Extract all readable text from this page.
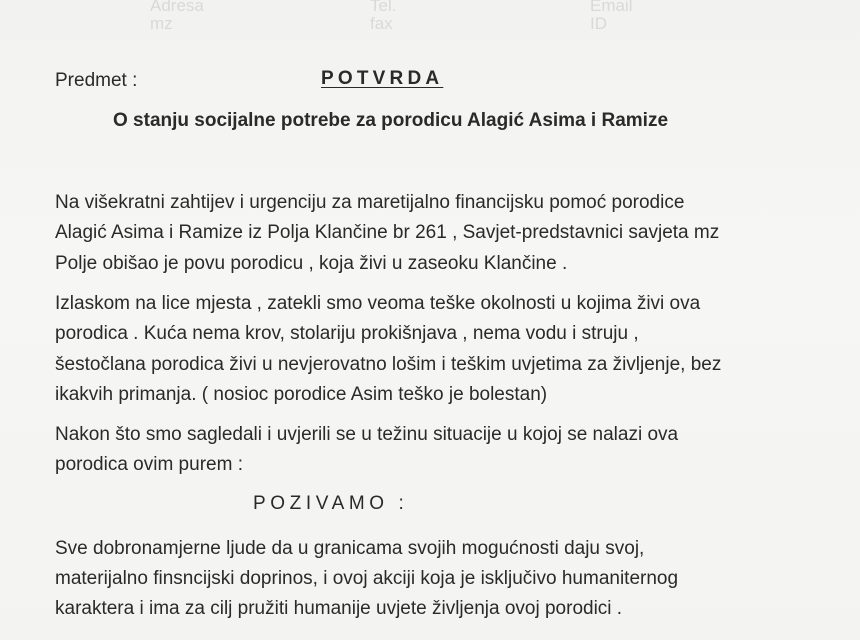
Adresa
mz
Tel.
fax
Email
ID
Predmet :	POTVRDA
O stanju socijalne potrebe za porodicu Alagić Asima i Ramize
Na višekratni zahtijev i urgenciju za maretijalno financijsku pomoć porodice
Alagić Asima i Ramize iz Polja Klančine br 261 , Savjet-predstavnici savjeta mz
Polje obišao je povu porodicu , koja živi u zaseoku Klančine .
Izlaskom na lice mjesta , zatekli smo veoma teške okolnosti u kojima živi ova
porodica . Kuća nema krov, stolariju prokišnjava , nema vodu i struju ,
šestočlana porodica živi u nevjerovatno lošim i teškim uvjetima za življenje, bez
ikakvih primanja. ( nosioc porodice Asim teško je bolestan)
Nakon što smo sagledali i uvjerili se u težinu situacije u kojoj se nalazi ova
porodica ovim purem :
POZIVAMO :
Sve dobronamjerne ljude da u granicama svojih mogućnosti daju svoj,
materijalno finsncijski doprinos, i ovoj akciji koja je isključivo humaniternog
karaktera i ima za cilj pružiti humanije uvjete življenja ovoj porodici .
